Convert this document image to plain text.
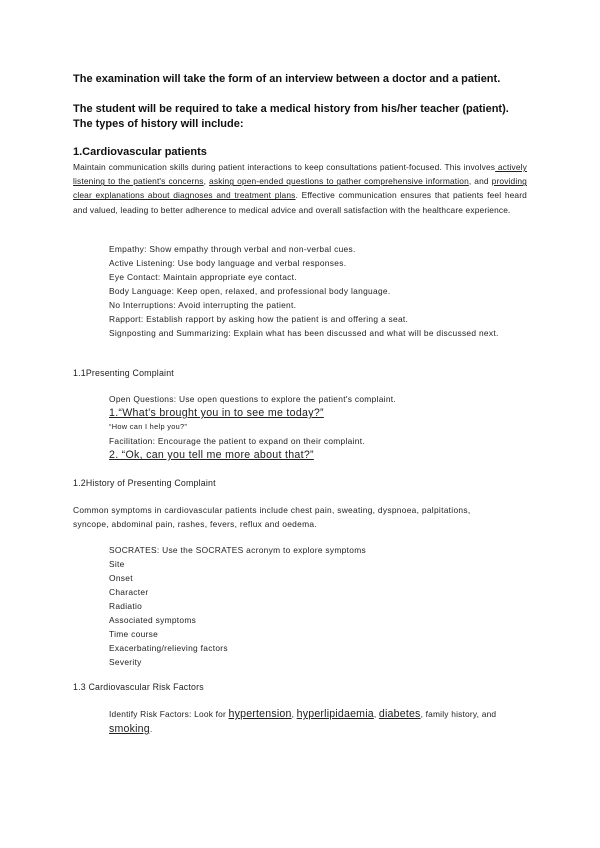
The examination will take the form of an interview between a doctor and a patient.
The student will be required to take a medical history from his/her teacher (patient).
The types of history will include:
1.Cardiovascular patients
Maintain communication skills during patient interactions to keep consultations patient-focused. This involves actively listening to the patient's concerns, asking open-ended questions to gather comprehensive information, and providing clear explanations about diagnoses and treatment plans. Effective communication ensures that patients feel heard and valued, leading to better adherence to medical advice and overall satisfaction with the healthcare experience.
Empathy: Show empathy through verbal and non-verbal cues.
Active Listening: Use body language and verbal responses.
Eye Contact: Maintain appropriate eye contact.
Body Language: Keep open, relaxed, and professional body language.
No Interruptions: Avoid interrupting the patient.
Rapport: Establish rapport by asking how the patient is and offering a seat.
Signposting and Summarizing: Explain what has been discussed and what will be discussed next.
1.1Presenting Complaint
Open Questions: Use open questions to explore the patient's complaint.
1.“What's brought you in to see me today?”
“How can I help you?”
Facilitation: Encourage the patient to expand on their complaint.
2. “Ok, can you tell me more about that?”
1.2History of Presenting Complaint
Common symptoms in cardiovascular patients include chest pain, sweating, dyspnoea, palpitations, syncope, abdominal pain, rashes, fevers, reflux and oedema.
SOCRATES: Use the SOCRATES acronym to explore symptoms
Site
Onset
Character
Radiatio
Associated symptoms
Time course
Exacerbating/relieving factors
Severity
1.3 Cardiovascular Risk Factors
Identify Risk Factors: Look for hypertension, hyperlipidaemia, diabetes, family history, and smoking.
